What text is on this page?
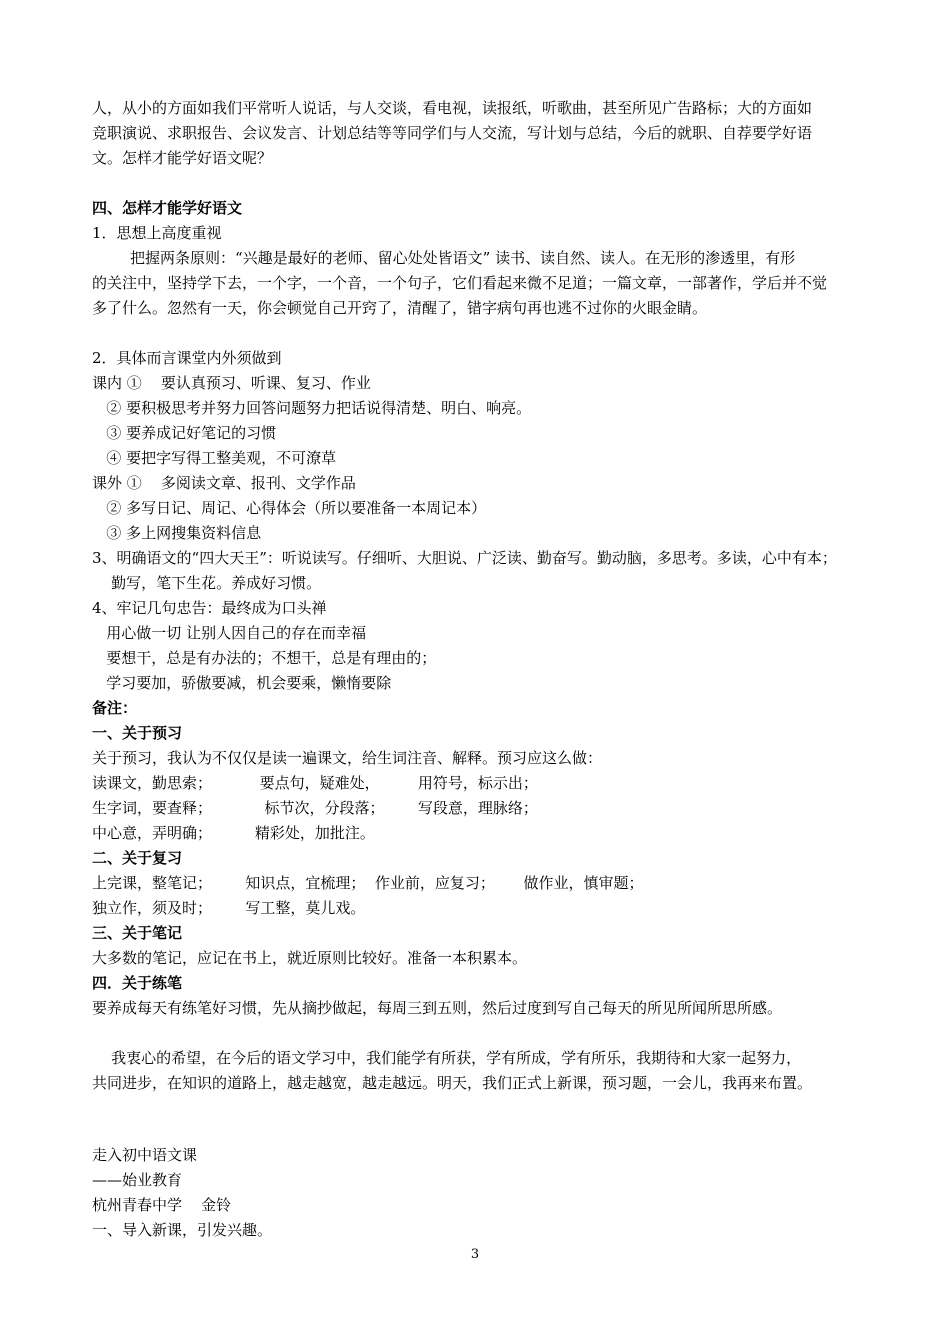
人，从小的方面如我们平常听人说话，与人交谈，看电视，读报纸，听歌曲，甚至所见广告路标；大的方面如
竞职演说、求职报告、会议发言、计划总结等等同学们与人交流，写计划与总结，今后的就职、自荐要学好语
文。怎样才能学好语文呢？
四、怎样才能学好语文
1．思想上高度重视
把握两条原则：“兴趣是最好的老师、留心处处皆语文” 读书、读自然、读人。在无形的渗透里，有形
的关注中，坚持学下去，一个字，一个音，一个句子，它们看起来微不足道；一篇文章，一部著作，学后并不觉
多了什么。忽然有一天，你会顿觉自己开窍了，清醒了，错字病句再也逃不过你的火眼金睛。
2．具体而言课堂内外须做到
课内 ①    要认真预习、听课、复习、作业
② 要积极思考并努力回答问题努力把话说得清楚、明白、响亮。
③ 要养成记好笔记的习惯
④ 要把字写得工整美观，不可潦草
课外 ①    多阅读文章、报刊、文学作品
② 多写日记、周记、心得体会（所以要准备一本周记本）
③ 多上网搜集资料信息
3、明确语文的“四大天王”：听说读写。仔细听、大胆说、广泛读、勤奋写。勤动脑，多思考。多读，心中有本；
勤写，笔下生花。养成好习惯。
4、牢记几句忠告：最终成为口头禅
用心做一切 让别人因自己的存在而幸福
要想干，总是有办法的；不想干，总是有理由的；
学习要加，骄傲要减，机会要乘，懒惰要除
备注：
一、关于预习
关于预习，我认为不仅仅是读一遍课文，给生词注音、解释。预习应这么做：
读课文，勤思索；          要点句，疑难处，        用符号，标示出；
生字词，要查释；           标节次，分段落；       写段意，理脉络；
中心意，弄明确；         精彩处，加批注。
二、关于复习
上完课，整笔记；       知识点，宜梳理；  作业前，应复习；      做作业，慎审题；
独立作，须及时；       写工整，莫儿戏。
三、关于笔记
大多数的笔记，应记在书上，就近原则比较好。准备一本积累本。
四．关于练笔
要养成每天有练笔好习惯，先从摘抄做起，每周三到五则，然后过度到写自己每天的所见所闻所思所感。
我衷心的希望，在今后的语文学习中，我们能学有所获，学有所成，学有所乐，我期待和大家一起努力，
共同进步，在知识的道路上，越走越宽，越走越远。明天，我们正式上新课，预习题，一会儿，我再来布置。
走入初中语文课
——始业教育
杭州青春中学    金铃
一、导入新课，引发兴趣。
3
